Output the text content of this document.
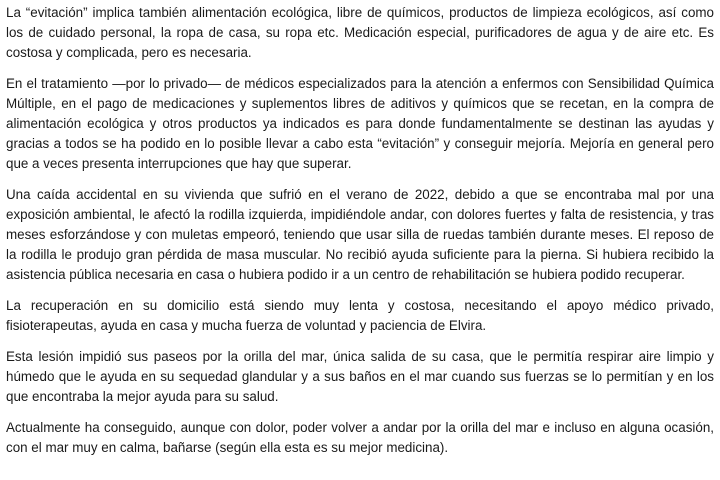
La “evitación” implica también alimentación ecológica, libre de químicos, productos de limpieza ecológicos, así como los de cuidado personal, la ropa de casa, su ropa etc. Medicación especial, purificadores de agua y de aire etc. Es costosa y complicada, pero es necesaria.

En el tratamiento —por lo privado— de médicos especializados para la atención a enfermos con Sensibilidad Química Múltiple, en el pago de medicaciones y suplementos libres de aditivos y químicos que se recetan, en la compra de alimentación ecológica y otros productos ya indicados es para donde fundamentalmente se destinan las ayudas y gracias a todos se ha podido en lo posible llevar a cabo esta “evitación” y conseguir mejoría. Mejoría en general pero que a veces presenta interrupciones que hay que superar.

Una caída accidental en su vivienda que sufrió en el verano de 2022, debido a que se encontraba mal por una exposición ambiental, le afectó la rodilla izquierda, impidiéndole andar, con dolores fuertes y falta de resistencia, y tras meses esforzándose y con muletas empeoró, teniendo que usar silla de ruedas también durante meses. El reposo de la rodilla le produjo gran pérdida de masa muscular. No recibió ayuda suficiente para la pierna. Si hubiera recibido la asistencia pública necesaria en casa o hubiera podido ir a un centro de rehabilitación se hubiera podido recuperar.

La recuperación en su domicilio está siendo muy lenta y costosa, necesitando el apoyo médico privado, fisioterapeutas, ayuda en casa y mucha fuerza de voluntad y paciencia de Elvira.

Esta lesión impidió sus paseos por la orilla del mar, única salida de su casa, que le permitía respirar aire limpio y húmedo que le ayuda en su sequedad glandular y a sus baños en el mar cuando sus fuerzas se lo permitían y en los que encontraba la mejor ayuda para su salud.

Actualmente ha conseguido, aunque con dolor, poder volver a andar por la orilla del mar e incluso en alguna ocasión, con el mar muy en calma, bañarse (según ella esta es su mejor medicina).
